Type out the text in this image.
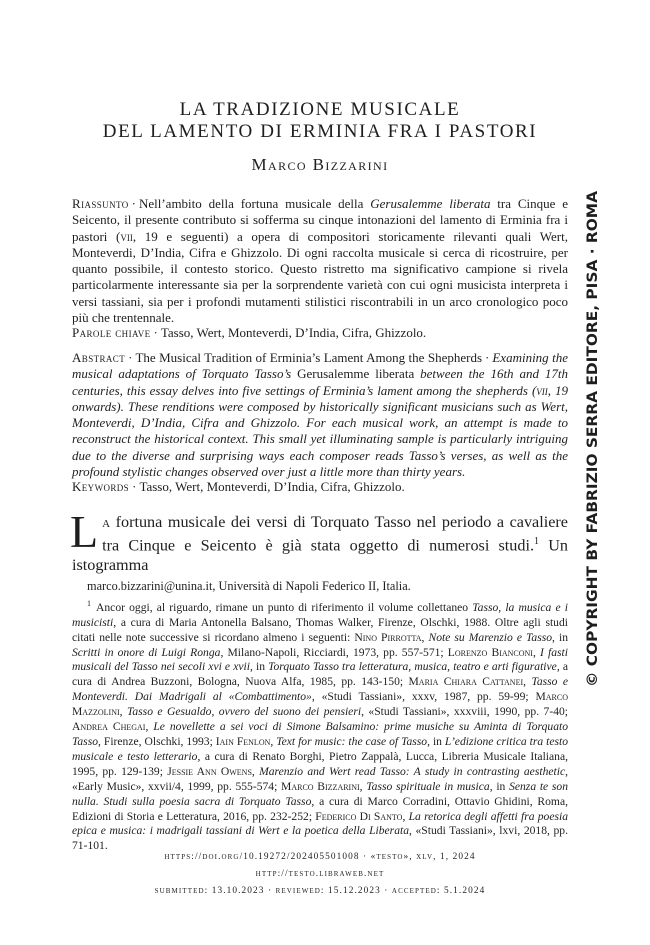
LA TRADIZIONE MUSICALE
DEL LAMENTO DI ERMINIA FRA I PASTORI
Marco Bizzarini

Riassunto · Nell’ambito della fortuna musicale della Gerusalemme liberata tra Cinque e Seicento, il presente contributo si sofferma su cinque intonazioni del lamento di Erminia fra i pastori (vii, 19 e seguenti) a opera di compositori storicamente rilevanti quali Wert, Monteverdi, D’India, Cifra e Ghizzolo. Di ogni raccolta musicale si cerca di ricostruire, per quanto possibile, il contesto storico. Questo ristretto ma significativo campione si rivela particolarmente interessante sia per la sorprendente varietà con cui ogni musicista interpreta i versi tassiani, sia per i profondi mutamenti stilistici riscontrabili in un arco cronologico poco più che trentennale.

Parole chiave · Tasso, Wert, Monteverdi, D’India, Cifra, Ghizzolo.

Abstract · The Musical Tradition of Erminia’s Lament Among the Shepherds · Examining the musical adaptations of Torquato Tasso’s Gerusalemme liberata between the 16th and 17th centuries, this essay delves into five settings of Erminia’s lament among the shepherds (vii, 19 onwards). These renditions were composed by historically significant musicians such as Wert, Monteverdi, D’India, Cifra and Ghizzolo. For each musical work, an attempt is made to reconstruct the historical context. This small yet illuminating sample is particularly intriguing due to the diverse and surprising ways each composer reads Tasso’s verses, as well as the profound stylistic changes observed over just a little more than thirty years.

Keywords · Tasso, Wert, Monteverdi, D’India, Cifra, Ghizzolo.

La fortuna musicale dei versi di Torquato Tasso nel periodo a cavaliere tra Cinque e Seicento è già stata oggetto di numerosi studi.$^1$ Un istogramma

marco.bizzarini@unina.it, Università di Napoli Federico II, Italia.

$^1$ Ancor oggi, al riguardo, rimane un punto di riferimento il volume collettaneo Tasso, la musica e i musicisti, a cura di Maria Antonella Balsano, Thomas Walker, Firenze, Olschki, 1988. Oltre agli studi citati nelle note successive si ricordano almeno i seguenti: Nino Pirrotta, Note su Marenzio e Tasso, in Scritti in onore di Luigi Ronga, Milano-Napoli, Ricciardi, 1973, pp. 557-571; Lorenzo Bianconi, I fasti musicali del Tasso nei secoli xvi e xvii, in Torquato Tasso tra letteratura, musica, teatro e arti figurative, a cura di Andrea Buzzoni, Bologna, Nuova Alfa, 1985, pp. 143-150; Maria Chiara Cattanei, Tasso e Monteverdi. Dai Madrigali al «Combattimento», «Studi Tassiani», xxxv, 1987, pp. 59-99; Marco Mazzolini, Tasso e Gesualdo, ovvero del suono dei pensieri, «Studi Tassiani», xxxviii, 1990, pp. 7-40; Andrea Chegai, Le novellette a sei voci di Simone Balsamino: prime musiche su Aminta di Torquato Tasso, Firenze, Olschki, 1993; Iain Fenlon, Text for music: the case of Tasso, in L’edizione critica tra testo musicale e testo letterario, a cura di Renato Borghi, Pietro Zappalà, Lucca, Libreria Musicale Italiana, 1995, pp. 129-139; Jessie Ann Owens, Marenzio and Wert read Tasso: A study in contrasting aesthetic, «Early Music», xxvii/4, 1999, pp. 555-574; Marco Bizzarini, Tasso spirituale in musica, in Senza te son nulla. Studi sulla poesia sacra di Torquato Tasso, a cura di Marco Corradini, Ottavio Ghidini, Roma, Edizioni di Storia e Letteratura, 2016, pp. 232-252; Federico Di Santo, La retorica degli affetti fra poesia epica e musica: i madrigali tassiani di Wert e la poetica della Liberata, «Studi Tassiani», lxvi, 2018, pp. 71-101.

https://doi.org/10.19272/202405501008 · «testo», xlv, 1, 2024
http://testo.libraweb.net
submitted: 13.10.2023 · reviewed: 15.12.2023 · accepted: 5.1.2024
© COPYRIGHT BY FABRIZIO SERRA EDITORE, PISA · ROMA
